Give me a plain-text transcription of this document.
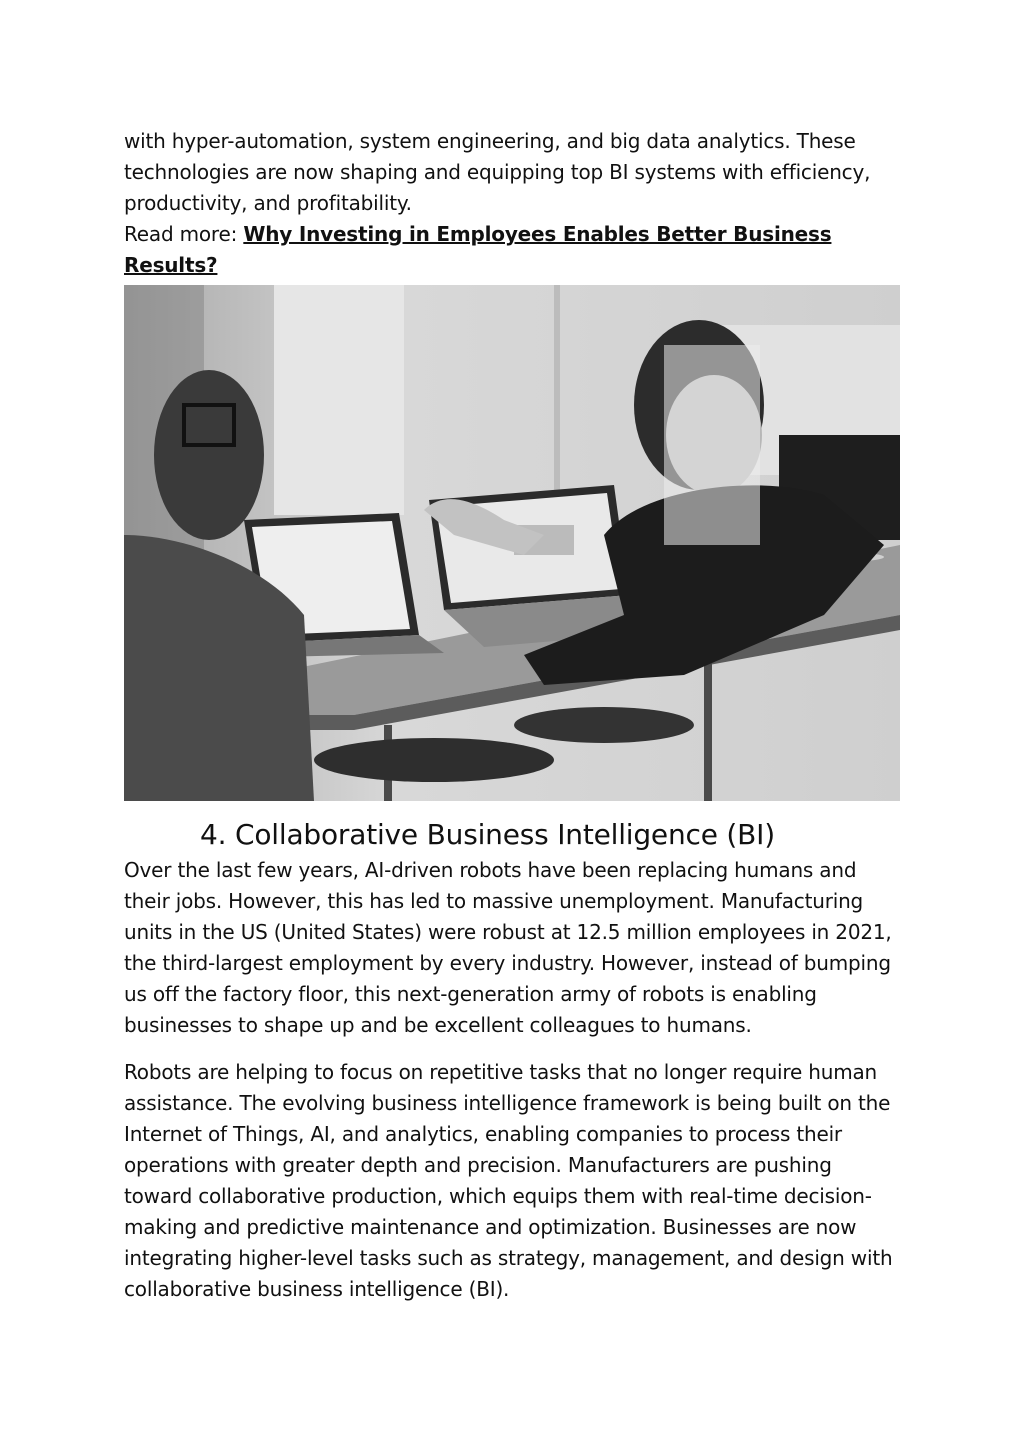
with hyper-automation, system engineering, and big data analytics. These technologies are now shaping and equipping top BI systems with efficiency, productivity, and profitability.

Read more: Why Investing in Employees Enables Better Business Results?

4. Collaborative Business Intelligence (BI)

Over the last few years, AI-driven robots have been replacing humans and their jobs. However, this has led to massive unemployment. Manufacturing units in the US (United States) were robust at 12.5 million employees in 2021, the third-largest employment by every industry. However, instead of bumping us off the factory floor, this next-generation army of robots is enabling businesses to shape up and be excellent colleagues to humans.

Robots are helping to focus on repetitive tasks that no longer require human assistance. The evolving business intelligence framework is being built on the Internet of Things, AI, and analytics, enabling companies to process their operations with greater depth and precision. Manufacturers are pushing toward collaborative production, which equips them with real-time decision-making and predictive maintenance and optimization. Businesses are now integrating higher-level tasks such as strategy, management, and design with collaborative business intelligence (BI).
